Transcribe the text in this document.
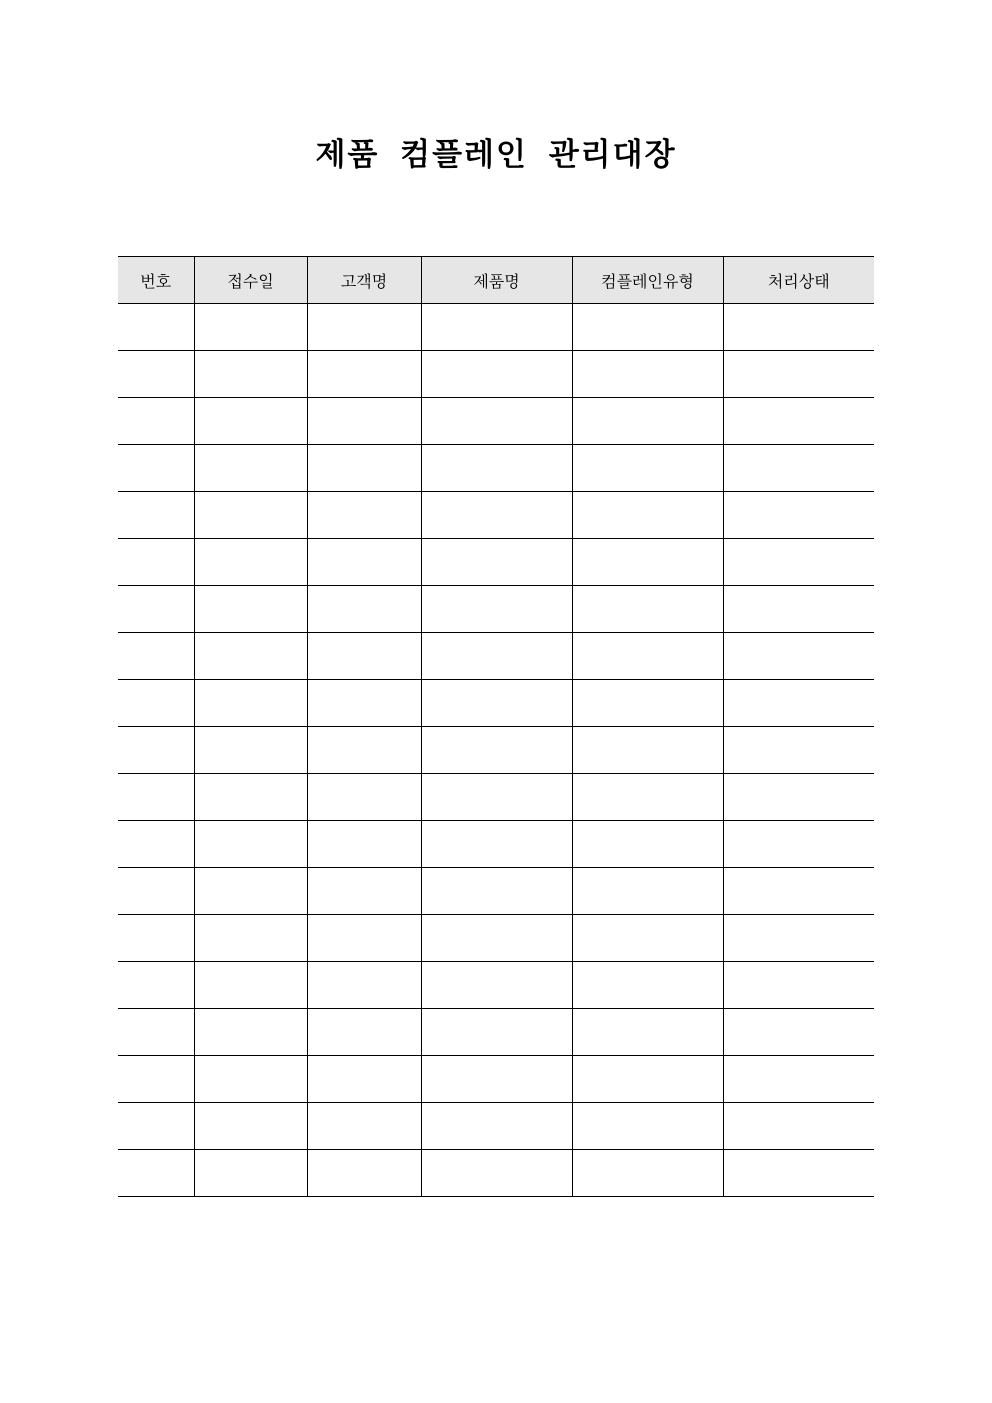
제품 컴플레인 관리대장
번호	접수일	고객명	제품명	컴플레인유형	처리상태
